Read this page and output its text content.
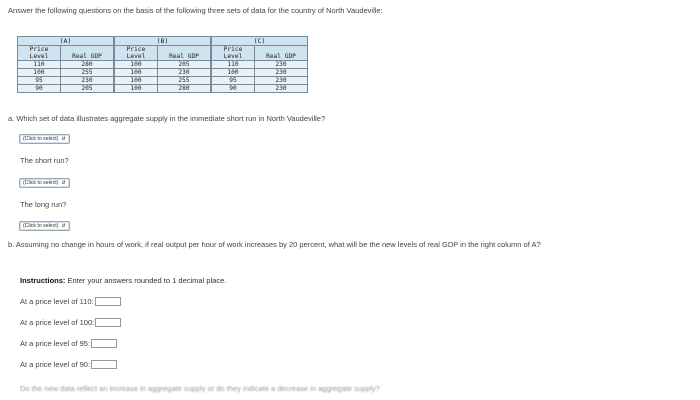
Answer the following questions on the basis of the following three sets of data for the country of North Vaudeville:
(A)
Price Level	Real GDP
110	280
100	255
95	230
90	205
(B)
Price Level	Real GDP
100	205
100	230
100	255
100	280
(C)
Price Level	Real GDP
110	230
100	230
95	230
90	230
a. Which set of data illustrates aggregate supply in the immediate short run in North Vaudeville?
(Click to select) ⇵
The short run?
(Click to select) ⇵
The long run?
(Click to select) ⇵
b. Assuming no change in hours of work, if real output per hour of work increases by 20 percent, what will be the new levels of real GDP in the right column of A?
Instructions: Enter your answers rounded to 1 decimal place.
At a price level of 110:
At a price level of 100:
At a price level of 95:
At a price level of 90:
Do the new data reflect an increase in aggregate supply or do they indicate a decrease in aggregate supply?
